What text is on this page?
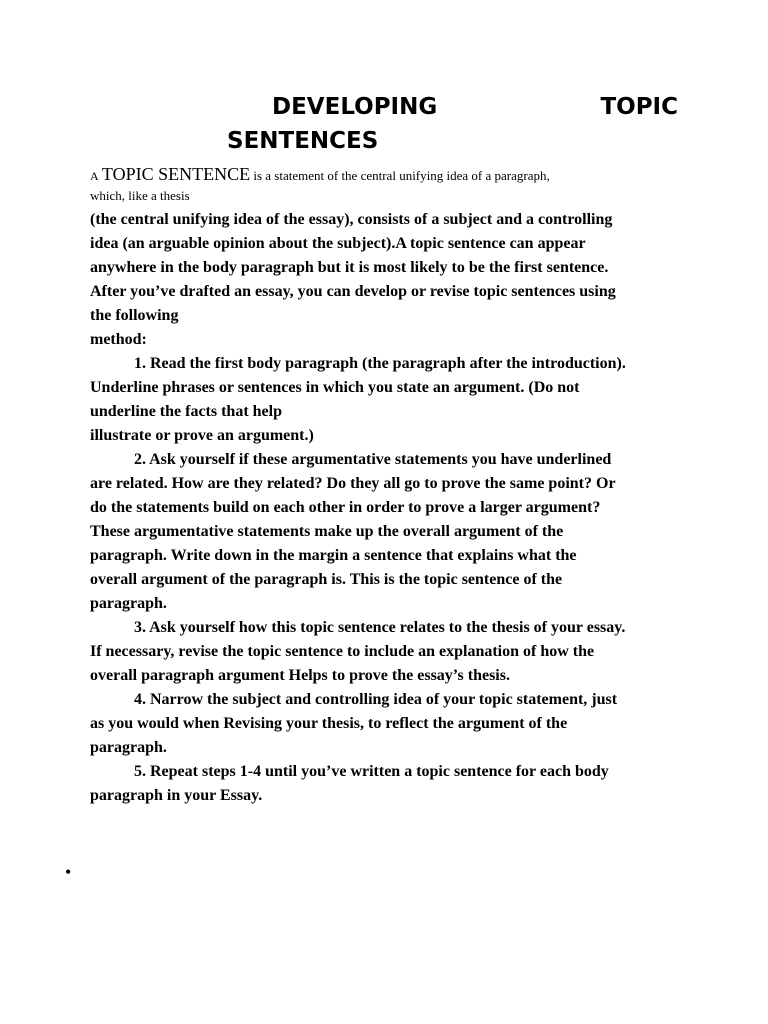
DEVELOPING	TOPIC
SENTENCES
A TOPIC SENTENCE is a statement of the central unifying idea of a paragraph,
which, like a thesis

(the central unifying idea of the essay), consists of a subject and a controlling
idea (an arguable opinion about the subject).A topic sentence can appear
anywhere in the body paragraph but it is most likely to be the first sentence.
After you’ve drafted an essay, you can develop or revise topic sentences using
the following
method:

1. Read the first body paragraph (the paragraph after the introduction).
Underline phrases or sentences in which you state an argument. (Do not
underline the facts that help
illustrate or prove an argument.)

2. Ask yourself if these argumentative statements you have underlined
are related. How are they related? Do they all go to prove the same point? Or
do the statements build on each other in order to prove a larger argument?
These argumentative statements make up the overall argument of the
paragraph. Write down in the margin a sentence that explains what the
overall argument of the paragraph is. This is the topic sentence of the
paragraph.

3. Ask yourself how this topic sentence relates to the thesis of your essay.
If necessary, revise the topic sentence to include an explanation of how the
overall paragraph argument Helps to prove the essay’s thesis.

4. Narrow the subject and controlling idea of your topic statement, just
as you would when Revising your thesis, to reflect the argument of the
paragraph.

5. Repeat steps 1-4 until you’ve written a topic sentence for each body
paragraph in your Essay.

•
